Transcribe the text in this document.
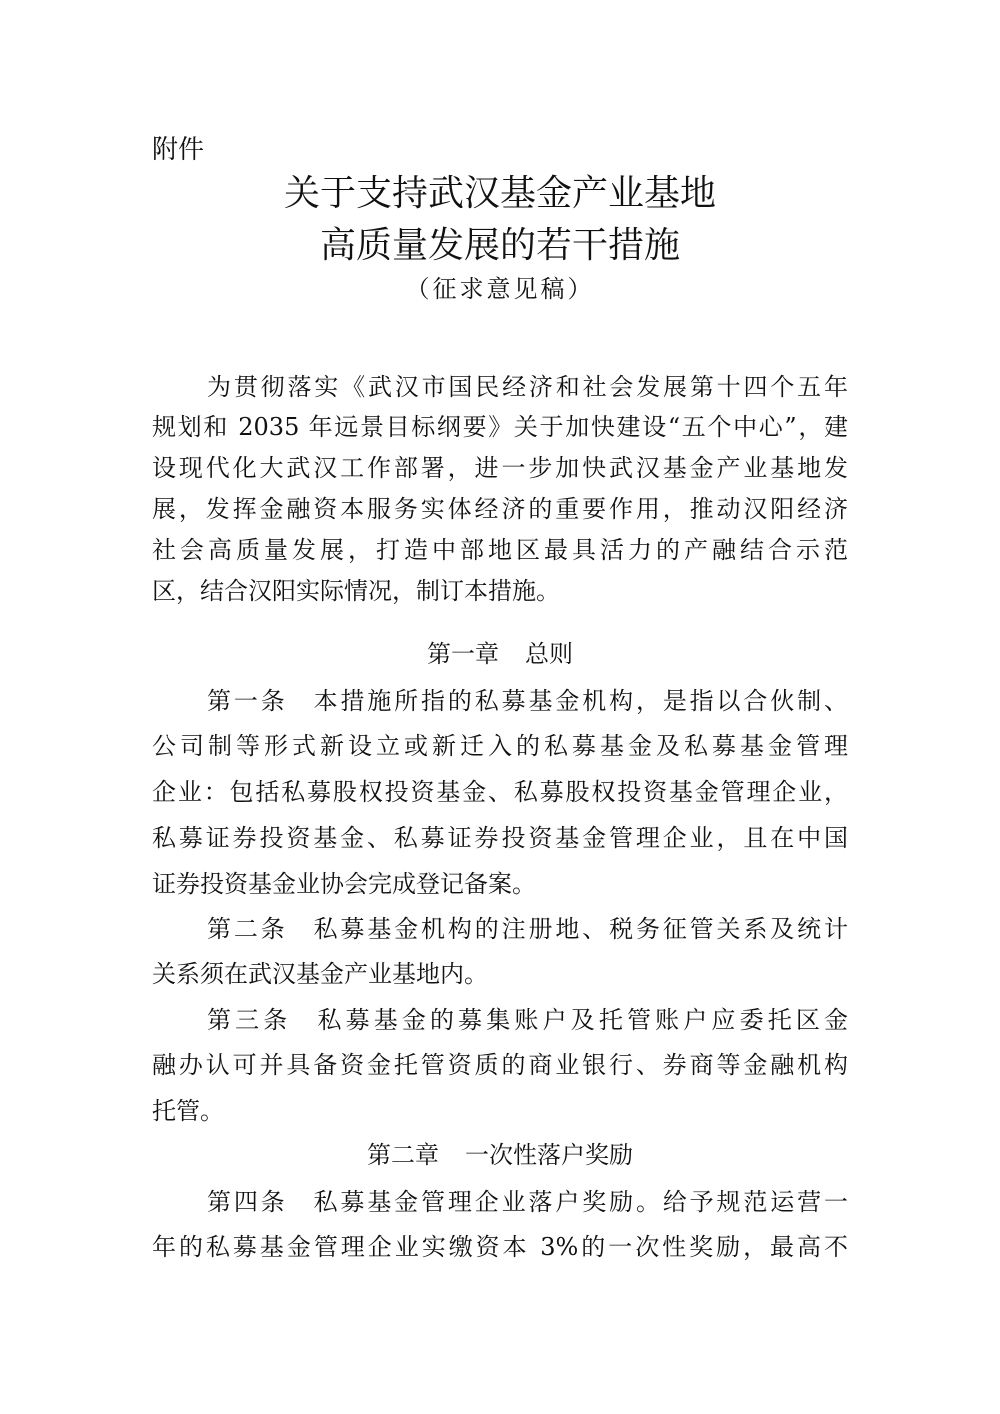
附件
关于支持武汉基金产业基地
高质量发展的若干措施
（征求意见稿）
为贯彻落实《武汉市国民经济和社会发展第十四个五年
规划和 2035 年远景目标纲要》关于加快建设“五个中心”，建
设现代化大武汉工作部署，进一步加快武汉基金产业基地发
展，发挥金融资本服务实体经济的重要作用，推动汉阳经济
社会高质量发展，打造中部地区最具活力的产融结合示范
区，结合汉阳实际情况，制订本措施。
第一章 总则
第一条 本措施所指的私募基金机构，是指以合伙制、
公司制等形式新设立或新迁入的私募基金及私募基金管理
企业：包括私募股权投资基金、私募股权投资基金管理企业，
私募证券投资基金、私募证券投资基金管理企业，且在中国
证券投资基金业协会完成登记备案。
第二条 私募基金机构的注册地、税务征管关系及统计
关系须在武汉基金产业基地内。
第三条 私募基金的募集账户及托管账户应委托区金
融办认可并具备资金托管资质的商业银行、券商等金融机构
托管。
第二章 一次性落户奖励
第四条 私募基金管理企业落户奖励。给予规范运营一
年的私募基金管理企业实缴资本 3%的一次性奖励，最高不
